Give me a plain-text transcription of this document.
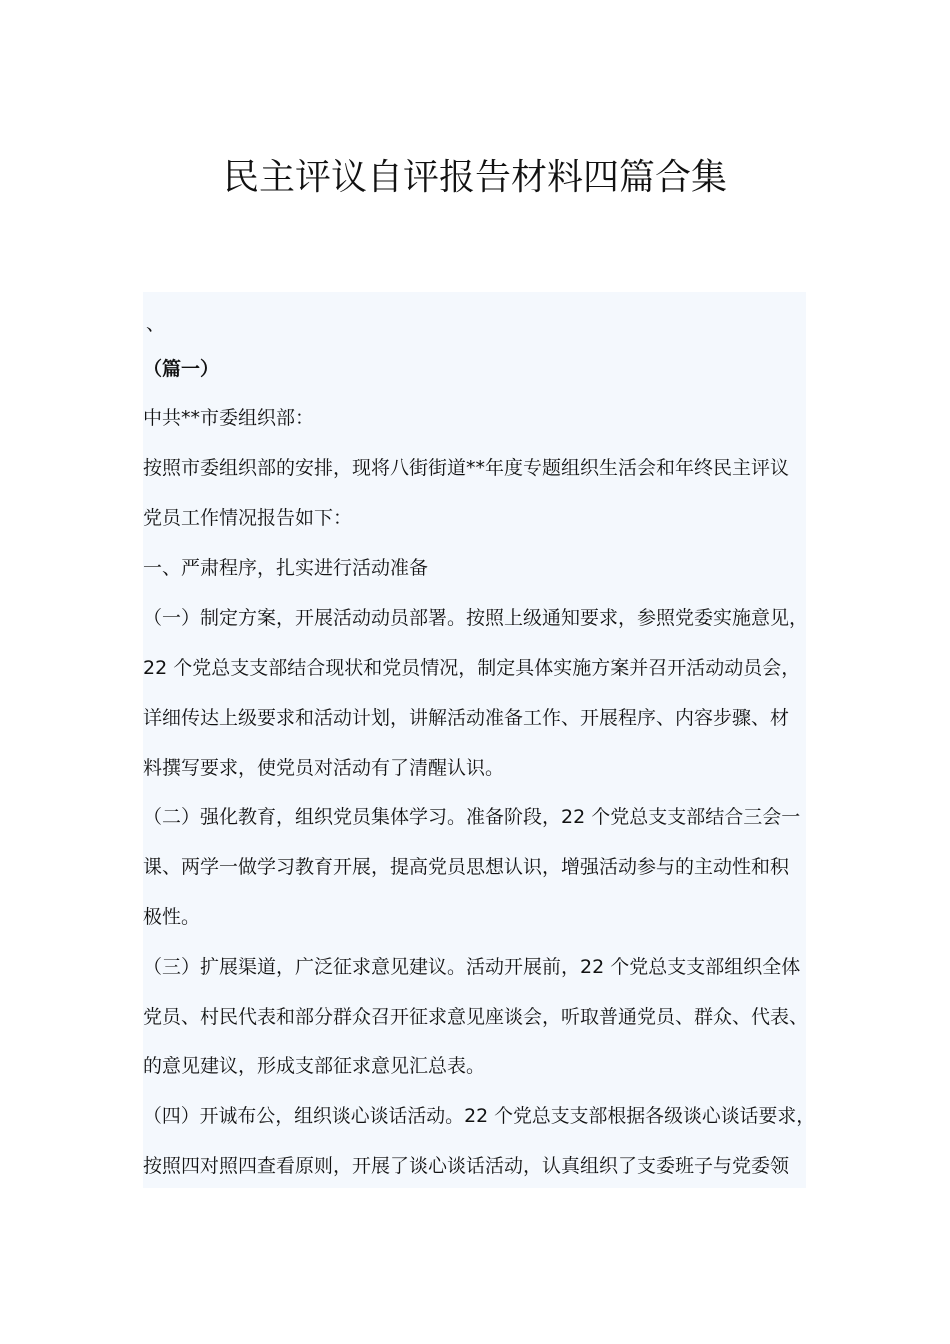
民主评议自评报告材料四篇合集
、

（篇一）

中共**市委组织部：

按照市委组织部的安排，现将八街街道**年度专题组织生活会和年终民主评议

党员工作情况报告如下：

一、严肃程序，扎实进行活动准备

（一）制定方案，开展活动动员部署。按照上级通知要求，参照党委实施意见，

22 个党总支支部结合现状和党员情况，制定具体实施方案并召开活动动员会，

详细传达上级要求和活动计划，讲解活动准备工作、开展程序、内容步骤、材

料撰写要求，使党员对活动有了清醒认识。

（二）强化教育，组织党员集体学习。准备阶段，22 个党总支支部结合三会一

课、两学一做学习教育开展，提高党员思想认识，增强活动参与的主动性和积

极性。

（三）扩展渠道，广泛征求意见建议。活动开展前，22 个党总支支部组织全体

党员、村民代表和部分群众召开征求意见座谈会，听取普通党员、群众、代表、

的意见建议，形成支部征求意见汇总表。

（四）开诚布公，组织谈心谈话活动。22 个党总支支部根据各级谈心谈话要求，

按照四对照四查看原则，开展了谈心谈话活动，认真组织了支委班子与党委领
